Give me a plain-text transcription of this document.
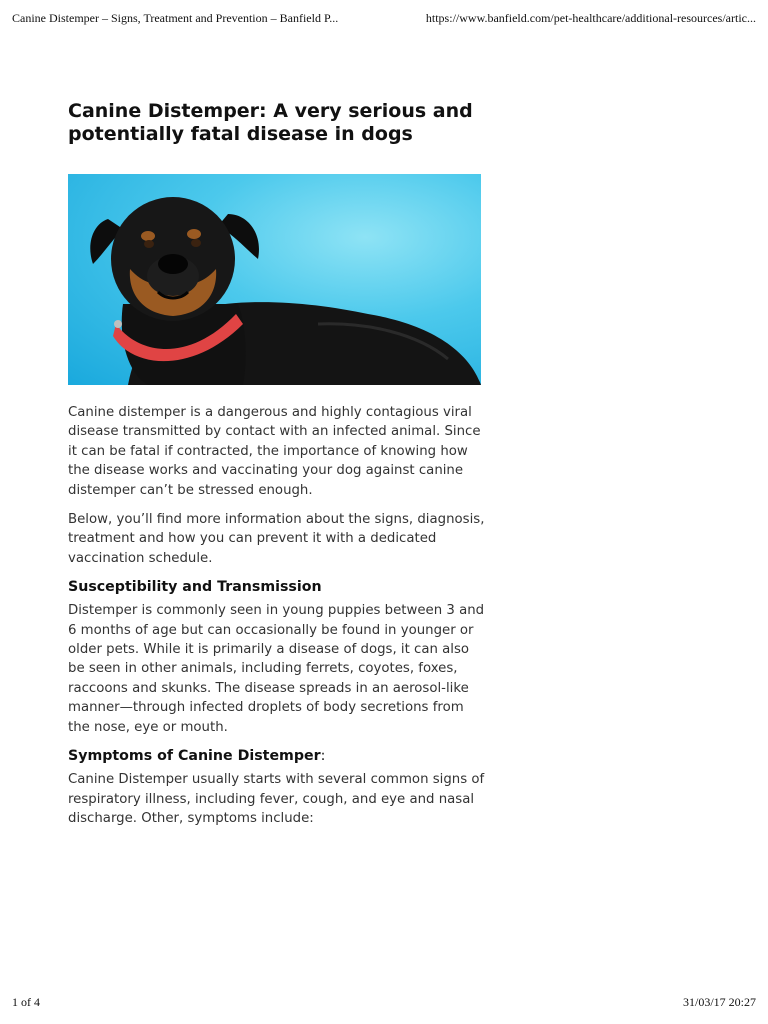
Canine Distemper – Signs, Treatment and Prevention – Banfield P...	https://www.banfield.com/pet-healthcare/additional-resources/artic...
Canine Distemper: A very serious and potentially fatal disease in dogs

Canine distemper is a dangerous and highly contagious viral disease transmitted by contact with an infected animal. Since it can be fatal if contracted, the importance of knowing how the disease works and vaccinating your dog against canine distemper can’t be stressed enough.

Below, you’ll find more information about the signs, diagnosis, treatment and how you can prevent it with a dedicated vaccination schedule.

Susceptibility and Transmission

Distemper is commonly seen in young puppies between 3 and 6 months of age but can occasionally be found in younger or older pets. While it is primarily a disease of dogs, it can also be seen in other animals, including ferrets, coyotes, foxes, raccoons and skunks. The disease spreads in an aerosol-like manner—through infected droplets of body secretions from the nose, eye or mouth.

Symptoms of Canine Distemper:

Canine Distemper usually starts with several common signs of respiratory illness, including fever, cough, and eye and nasal discharge. Other, symptoms include:

1 of 4	31/03/17 20:27
